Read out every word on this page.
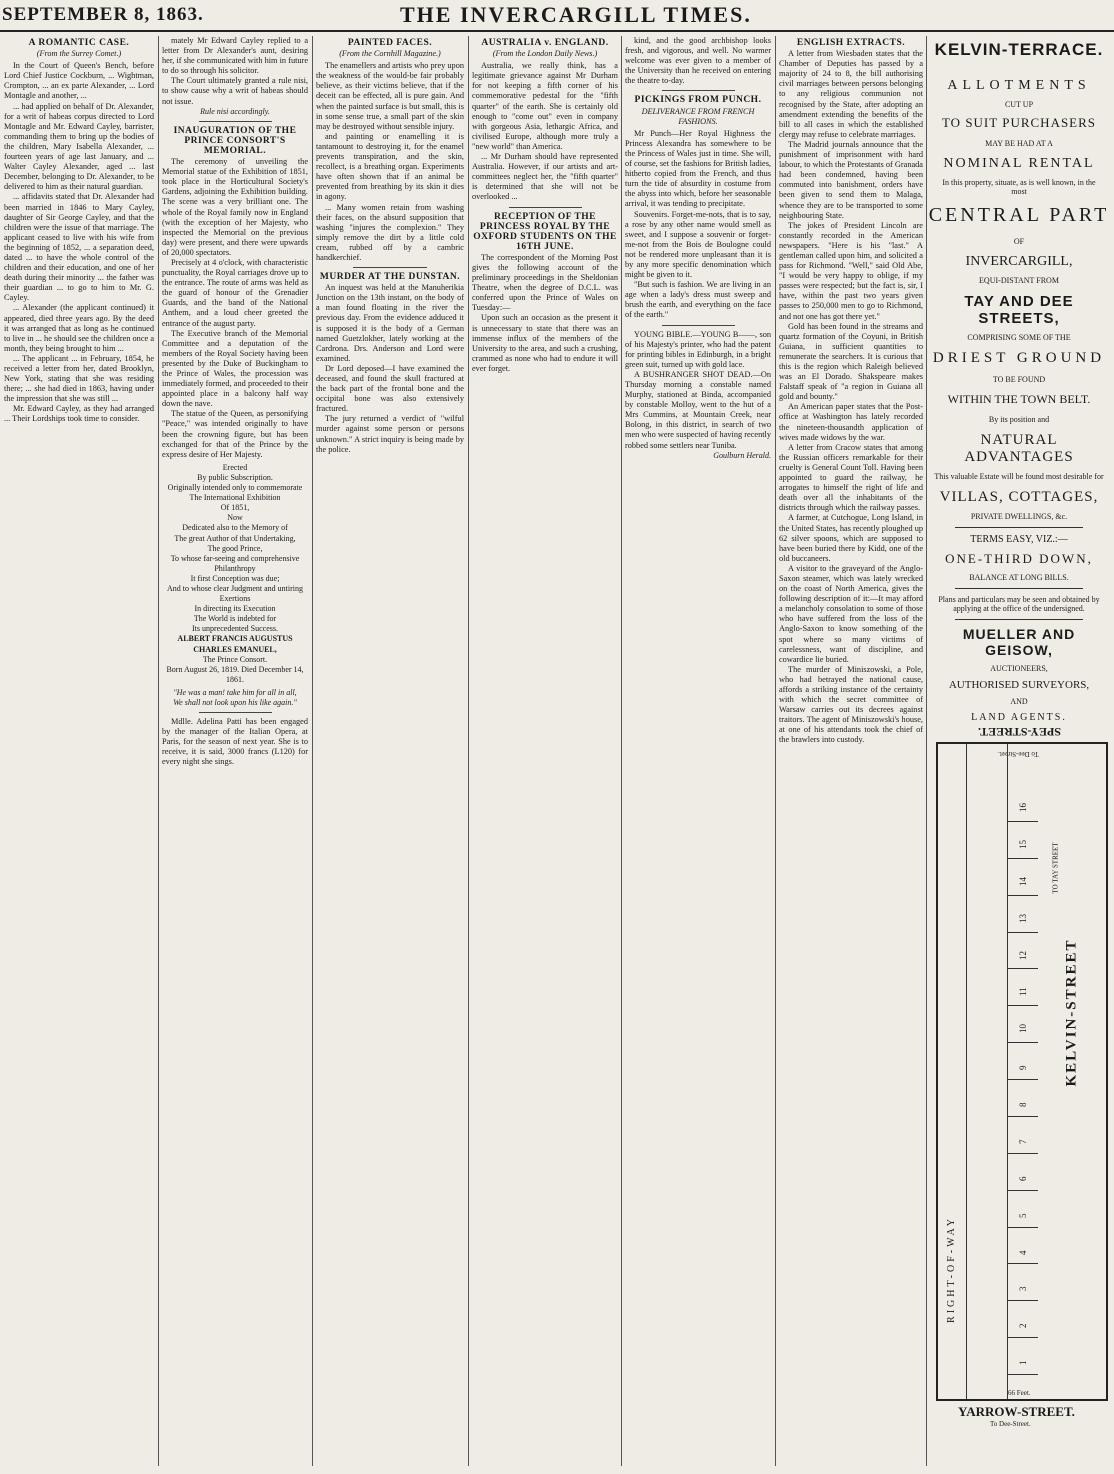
SEPTEMBER 8, 1863.	THE INVERCARGILL TIMES.
A ROMANTIC CASE.
(From the Surrey Comet.)

In the Court of Queen's Bench, before Lord Chief Justice Cockburn, ... Wightman, Crompton, ... an ex parte Alexander, ... Lord Montagle and another, ...

... had applied on behalf of Dr. Alexander, for a writ of habeas corpus directed to Lord Montagle and Mr. Edward Cayley, barrister, commanding them to bring up the bodies of the children, Mary Isabella Alexander, ... fourteen years of age last January, and ... Walter Cayley Alexander, aged ... last December, belonging to Dr. Alexander, to be delivered to him as their natural guardian.

... affidavits stated that Dr. Alexander had been married in 1846 to Mary Cayley, daughter of Sir George Cayley, and that the children were the issue of that marriage. The applicant ceased to live with his wife from the beginning of 1852, ... a separation deed, dated ... to have the whole control of the children and their education, and one of her death during their minority ... the father was their guardian ... to go to him to Mr. G. Cayley.

... Alexander (the applicant continued) it appeared, died three years ago. By the deed it was arranged that as long as he continued to live in ... he should see the children once a month, they being brought to him ...

... The applicant ... in February, 1854, he received a letter from her, dated Brooklyn, New York, stating that she was residing there; ... she had died in 1863, having under the impression that she was still ...

Mr. Edward Cayley, as they had arranged ... Their Lordships took time to consider.

mately Mr Edward Cayley replied to a letter from Dr Alexander's aunt, desiring her, if she communicated with him in future to do so through his solicitor.

The Court ultimately granted a rule nisi, to show cause why a writ of habeas should not issue.

Rule nisi accordingly.
INAUGURATION OF THE PRINCE CONSORT'S MEMORIAL.

The ceremony of unveiling the Memorial statue of the Exhibition of 1851, took place in the Horticultural Society's Gardens, adjoining the Exhibition building. The scene was a very brilliant one. The whole of the Royal family now in England (with the exception of her Majesty, who inspected the Memorial on the previous day) were present, and there were upwards of 20,000 spectators.

Precisely at 4 o'clock, with characteristic punctuality, the Royal carriages drove up to the entrance. The route of arms was held as the guard of honour of the Grenadier Guards, and the band of the National Anthem, and a loud cheer greeted the entrance of the august party.

The Executive branch of the Memorial Committee and a deputation of the members of the Royal Society having been presented by the Duke of Buckingham to the Prince of Wales, the procession was immediately formed, and proceeded to their appointed place in a balcony half way down the nave.

The statue of the Queen, as personifying "Peace," was intended originally to have been the crowning figure, but has been exchanged for that of the Prince by the express desire of Her Majesty.

Erected
By public Subscription.
Originally intended only to commemorate
The International Exhibition
Of 1851,
Now
Dedicated also to the Memory of
The great Author of that Undertaking,
The good Prince,
To whose far-seeing and comprehensive
Philanthropy
It first Conception was due;
And to whose clear Judgment and untiring
Exertions
In directing its Execution
The World is indebted for
Its unprecedented Success.
ALBERT FRANCIS AUGUSTUS CHARLES EMANUEL,
The Prince Consort.
Born August 26, 1819. Died December 14, 1861.
"He was a man! take him for all in all,
We shall not look upon his like again."

Mdlle. Adelina Patti has been engaged by the manager of the Italian Opera, at Paris, for the season of next year. She is to receive, it is said, 3000 francs (L120) for every night she sings.

PAINTED FACES.
(From the Cornhill Magazine.)

The enamellers and artists who prey upon the weakness of the would-be fair probably believe, as their victims believe, that if the deceit can be effected, all is pure gain. And when the painted surface is but small, this is in some sense true, a small part of the skin may be destroyed without sensible injury.

and painting or enamelling it is tantamount to destroying it, for the enamel prevents transpiration, and the skin, recollect, is a breathing organ. Experiments have often shown that if an animal be prevented from breathing by its skin it dies in agony.

... Many women retain from washing their faces, on the absurd supposition that washing "injures the complexion." They simply remove the dirt by a little cold cream, rubbed off by a cambric handkerchief.

MURDER AT THE DUNSTAN.

An inquest was held at the Manuherikia Junction on the 13th instant, on the body of a man found floating in the river the previous day. From the evidence adduced it is supposed it is the body of a German named Guetzlokher, lately working at the Cardrona. Drs. Anderson and Lord were examined.

Dr Lord deposed—I have examined the deceased, and found the skull fractured at the back part of the frontal bone and the occipital bone was also extensively fractured.

The jury returned a verdict of "wilful murder against some person or persons unknown." A strict inquiry is being made by the police.

AUSTRALIA v. ENGLAND.
(From the London Daily News.)

Australia, we really think, has a legitimate grievance against Mr Durham for not keeping a fifth corner of his commemorative pedestal for the "fifth quarter" of the earth. She is certainly old enough to "come out" even in company with gorgeous Asia, lethargic Africa, and civilised Europe, although more truly a "new world" than America.

... Mr Durham should have represented Australia. However, if our artists and art-committees neglect her, the "fifth quarter" is determined that she will not be overlooked ...

RECEPTION OF THE PRINCESS ROYAL BY THE OXFORD STUDENTS ON THE 16TH JUNE.

The correspondent of the Morning Post gives the following account of the preliminary proceedings in the Sheldonian Theatre, when the degree of D.C.L. was conferred upon the Prince of Wales on Tuesday:—

Upon such an occasion as the present it is unnecessary to state that there was an immense influx of the members of the University to the area, and such a crushing, crammed as none who had to endure it will ever forget.

kind, and the good archbishop looks fresh, and vigorous, and well. No warmer welcome was ever given to a member of the University than he received on entering the theatre to-day.

PICKINGS FROM PUNCH.
DELIVERANCE FROM FRENCH FASHIONS.

Mr Punch—Her Royal Highness the Princess Alexandra has somewhere to be the Princess of Wales just in time. She will, of course, set the fashions for British ladies, hitherto copied from the French, and thus turn the tide of absurdity in costume from the abyss into which, before her seasonable arrival, it was tending to precipitate.

Souvenirs. Forget-me-nots, that is to say, a rose by any other name would smell as sweet, and I suppose a souvenir or forget-me-not from the Bois de Boulogne could not be rendered more unpleasant than it is by any more specific denomination which might be given to it.

"But such is fashion. We are living in an age when a lady's dress must sweep and brush the earth, and everything on the face of the earth."

YOUNG BIBLE.—YOUNG B——, son of his Majesty's printer, who had the patent for printing bibles in Edinburgh, in a bright green suit, turned up with gold lace.

A BUSHRANGER SHOT DEAD.—On Thursday morning a constable named Murphy, stationed at Binda, accompanied by constable Molloy, went to the hut of a Mrs Cummins, at Mountain Creek, near Bolong, in this district, in search of two men who were suspected of having recently robbed some settlers near Tuniba.

Goulburn Herald.
ENGLISH EXTRACTS.

A letter from Wiesbaden states that the Chamber of Deputies has passed by a majority of 24 to 8, the bill authorising civil marriages between persons belonging to any religious communion not recognised by the State, after adopting an amendment extending the benefits of the bill to all cases in which the established clergy may refuse to celebrate marriages.

The Madrid journals announce that the punishment of imprisonment with hard labour, to which the Protestants of Granada had been condemned, having been commuted into banishment, orders have been given to send them to Malaga, whence they are to be transported to some neighbouring State.

The jokes of President Lincoln are constantly recorded in the American newspapers. "Here is his "last." A gentleman called upon him, and solicited a pass for Richmond. "Well," said Old Abe, "I would be very happy to oblige, if my passes were respected; but the fact is, sir, I have, within the past two years given passes to 250,000 men to go to Richmond, and not one has got there yet."

Gold has been found in the streams and quartz formation of the Coyuni, in British Guiana, in sufficient quantities to remunerate the searchers. It is curious that this is the region which Raleigh believed was an El Dorado. Shakspeare makes Falstaff speak of "a region in Guiana all gold and bounty."

An American paper states that the Post-office at Washington has lately recorded the nineteen-thousandth application of wives made widows by the war.

A letter from Cracow states that among the Russian officers remarkable for their cruelty is General Count Toll. Having been appointed to guard the railway, he arrogates to himself the right of life and death over all the inhabitants of the districts through which the railway passes.

A farmer, at Cutchogue, Long Island, in the United States, has recently ploughed up 62 silver spoons, which are supposed to have been buried there by Kidd, one of the old buccaneers.

A visitor to the graveyard of the Anglo-Saxon steamer, which was lately wrecked on the coast of North America, gives the following description of it:—It may afford a melancholy consolation to some of those who have suffered from the loss of the Anglo-Saxon to know something of the spot where so many victims of carelessness, want of discipline, and cowardice lie buried.

The murder of Miniszowski, a Pole, who had betrayed the national cause, affords a striking instance of the certainty with which the secret committee of Warsaw carries out its decrees against traitors. The agent of Miniszowski's house, at one of his attendants took the chief of the brawlers into custody.

KELVIN-TERRACE.
ALLOTMENTS
CUT UP
TO SUIT PURCHASERS
MAY BE HAD AT A
NOMINAL RENTAL
In this property, situate, as is well known, in the most
CENTRAL PART
OF
INVERCARGILL,
EQUI-DISTANT FROM
TAY AND DEE STREETS,
COMPRISING SOME OF THE
DRIEST GROUND
TO BE FOUND
WITHIN THE TOWN BELT.
By its position and
NATURAL ADVANTAGES
This valuable Estate will be found most desirable for
VILLAS, COTTAGES,
PRIVATE DWELLINGS, &c.
TERMS EASY, VIZ.:—
ONE-THIRD DOWN,
BALANCE AT LONG BILLS.
Plans and particulars may be seen and obtained by applying at the office of the undersigned.
MUELLER AND GEISOW,
AUCTIONEERS,
AUTHORISED SURVEYORS,
AND
LAND AGENTS.
SPEY-STREET.
To Dee-Street.
RIGHT-OF-WAY
KELVIN-STREET
TO TAY STREET
1
2
3
4
5
6
7
8
9
10
11
12
13
14
15
16
66 Feet.
YARROW-STREET.
To Dee-Street.
